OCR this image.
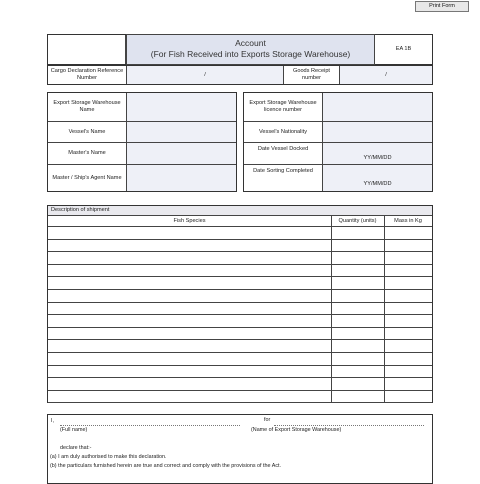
Print Form
Account
(For Fish Received into Exports Storage Warehouse)	EA 1B
Cargo Declaration Reference Number
/
Goods Receipt number
/
Export Storage Warehouse Name
Vessel's Name
Master's Name
Master / Ship's Agent Name
Export Storage Warehouse licence number
Vessel's Nationality
Date Vessel Docked
YY/MM/DD
Date Sorting Completed
YY/MM/DD
Description of shipment
Fish Species	Quantity (units)	Mass in Kg
I,	for
(Full name)	(Name of Export Storage Warehouse)
declare that:-
(a) I am duly authorised to make this declaration.
(b) the particulars furnished herein are true and correct and comply with the provisions of the Act.
